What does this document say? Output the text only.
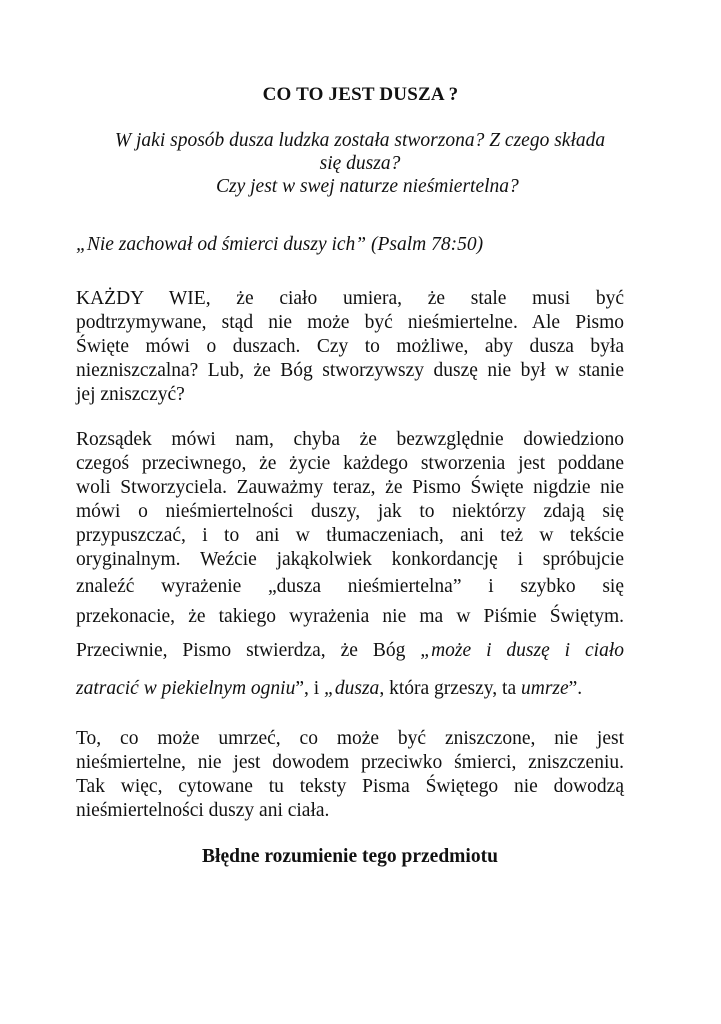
CO TO JEST DUSZA ?
W jaki sposób dusza ludzka została stworzona? Z czego składa
się dusza?
Czy jest w swej naturze nieśmiertelna?
„Nie zachował od śmierci duszy ich” (Psalm 78:50)
KAŻDY WIE, że ciało umiera, że stale musi być
podtrzymywane, stąd nie może być nieśmiertelne. Ale Pismo
Święte mówi o duszach. Czy to możliwe, aby dusza była
niezniszczalna? Lub, że Bóg stworzywszy duszę nie był w stanie
jej zniszczyć?
Rozsądek mówi nam, chyba że bezwzględnie dowiedziono
czegoś przeciwnego, że życie każdego stworzenia jest poddane
woli Stworzyciela. Zauważmy teraz, że Pismo Święte nigdzie nie
mówi o nieśmiertelności duszy, jak to niektórzy zdają się
przypuszczać, i to ani w tłumaczeniach, ani też w tekście
oryginalnym. Weźcie jakąkolwiek konkordancję i spróbujcie
znaleźć wyrażenie „dusza nieśmiertelna” i szybko się
przekonacie, że takiego wyrażenia nie ma w Piśmie Świętym.
Przeciwnie, Pismo stwierdza, że Bóg „może i duszę i ciało
zatracić w piekielnym ogniu”, i „dusza, która grzeszy, ta umrze”.
To, co może umrzeć, co może być zniszczone, nie jest
nieśmiertelne, nie jest dowodem przeciwko śmierci, zniszczeniu.
Tak więc, cytowane tu teksty Pisma Świętego nie dowodzą
nieśmiertelności duszy ani ciała.
Błędne rozumienie tego przedmiotu
